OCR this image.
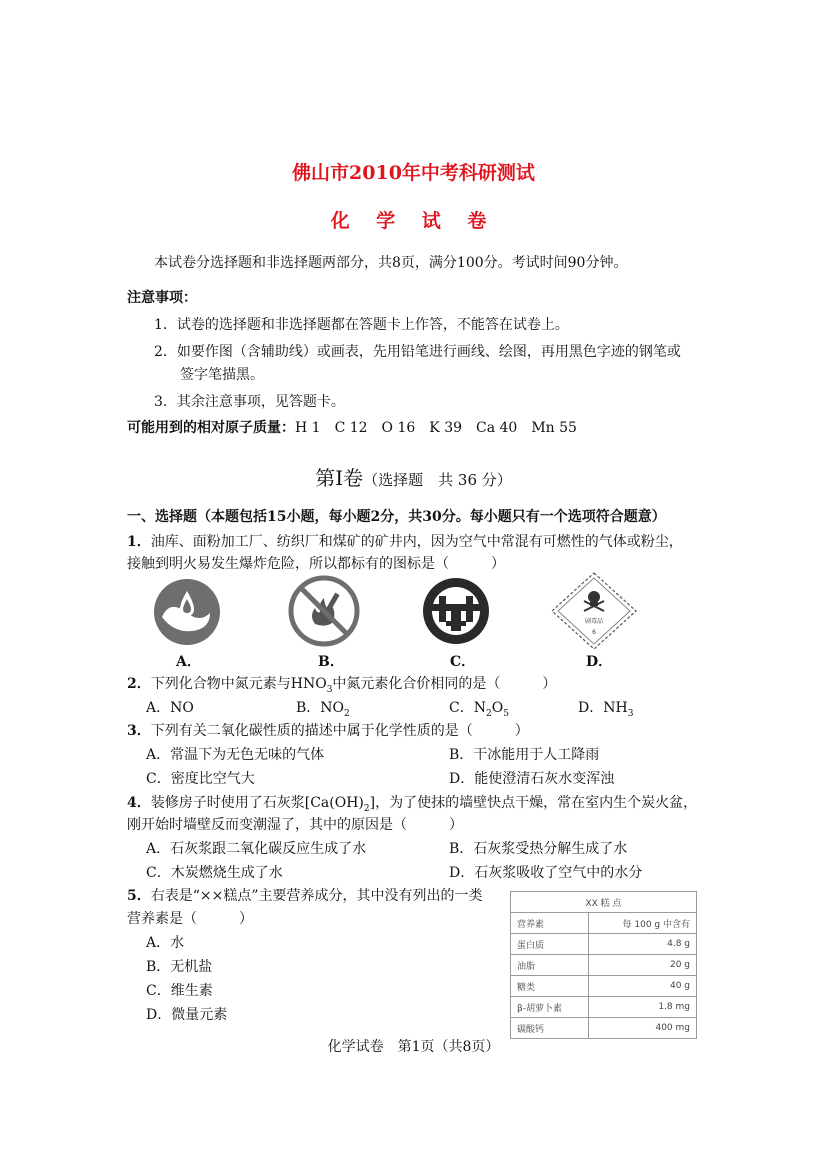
佛山市2010年中考科研测试
化 学 试 卷
本试卷分选择题和非选择题两部分，共8页，满分100分。考试时间90分钟。
注意事项：
1．试卷的选择题和非选择题都在答题卡上作答，不能答在试卷上。
2．如要作图（含辅助线）或画表，先用铅笔进行画线、绘图，再用黑色字迹的钢笔或
签字笔描黑。
3．其余注意事项，见答题卡。
可能用到的相对原子质量：H 1　C 12　O 16　K 39　Ca 40　Mn 55
第Ⅰ卷（选择题　共 36 分）
一、选择题（本题包括15小题，每小题2分，共30分。每小题只有一个选项符合题意）
1．油库、面粉加工厂、纺织厂和煤矿的矿井内，因为空气中常混有可燃性的气体或粉尘，
接触到明火易发生爆炸危险，所以都标有的图标是（　　　）
剧毒品
6
A．	B．	C．	D．
2．下列化合物中氮元素与$HNO_3$中氮元素化合价相同的是（　　　）
A．NO	B．$NO_2$	C．$N_2O_5$	D．$NH_3$
3．下列有关二氧化碳性质的描述中属于化学性质的是（　　　）
A．常温下为无色无味的气体	B．干冰能用于人工降雨
C．密度比空气大	D．能使澄清石灰水变浑浊
4．装修房子时使用了石灰浆$[Ca(OH)_2]$，为了使抹的墙壁快点干燥，常在室内生个炭火盆，
刚开始时墙壁反而变潮湿了，其中的原因是（　　　）
A．石灰浆跟二氧化碳反应生成了水	B．石灰浆受热分解生成了水
C．木炭燃烧生成了水	D．石灰浆吸收了空气中的水分
5．右表是“××糕点”主要营养成分，其中没有列出的一类
营养素是（　　　）
A．水
B．无机盐
C．维生素
D．微量元素
XX 糕 点	
营养素	每 100 g 中含有
蛋白质	4.8 g
油脂	20 g
糖类	40 g
β-胡萝卜素	1.8 mg
碳酸钙	400 mg
化学试卷　第1页（共8页）
